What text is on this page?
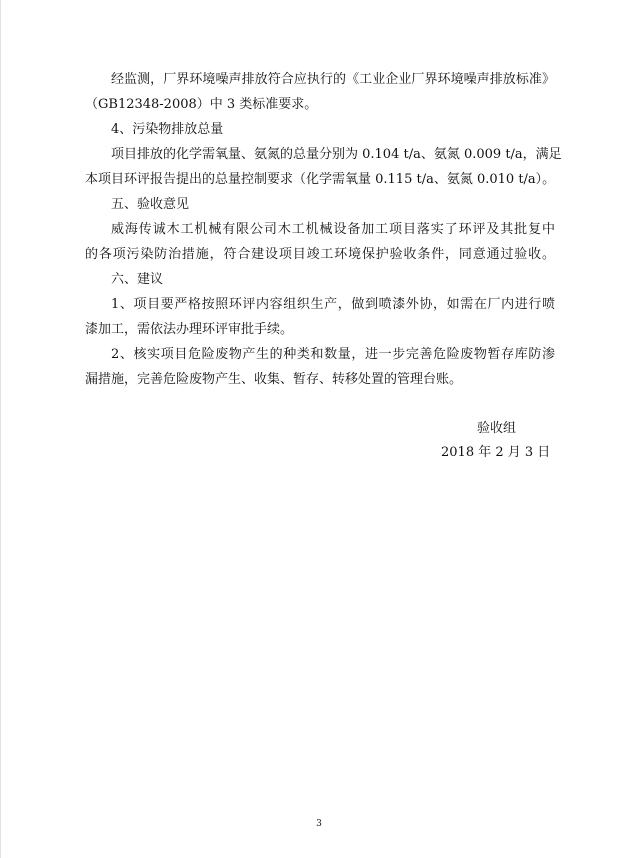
经监测，厂界环境噪声排放符合应执行的《工业企业厂界环境噪声排放标准》
（GB12348-2008）中 3 类标准要求。
4、污染物排放总量
项目排放的化学需氧量、氨氮的总量分别为 0.104 t/a、氨氮 0.009 t/a，满足
本项目环评报告提出的总量控制要求（化学需氧量 0.115 t/a、氨氮 0.010 t/a）。
五、验收意见
威海传诚木工机械有限公司木工机械设备加工项目落实了环评及其批复中
的各项污染防治措施，符合建设项目竣工环境保护验收条件，同意通过验收。
六、建议
1、项目要严格按照环评内容组织生产，做到喷漆外协，如需在厂内进行喷
漆加工，需依法办理环评审批手续。
2、核实项目危险废物产生的种类和数量，进一步完善危险废物暂存库防渗
漏措施，完善危险废物产生、收集、暂存、转移处置的管理台账。
验收组
2018 年 2 月 3 日
3
